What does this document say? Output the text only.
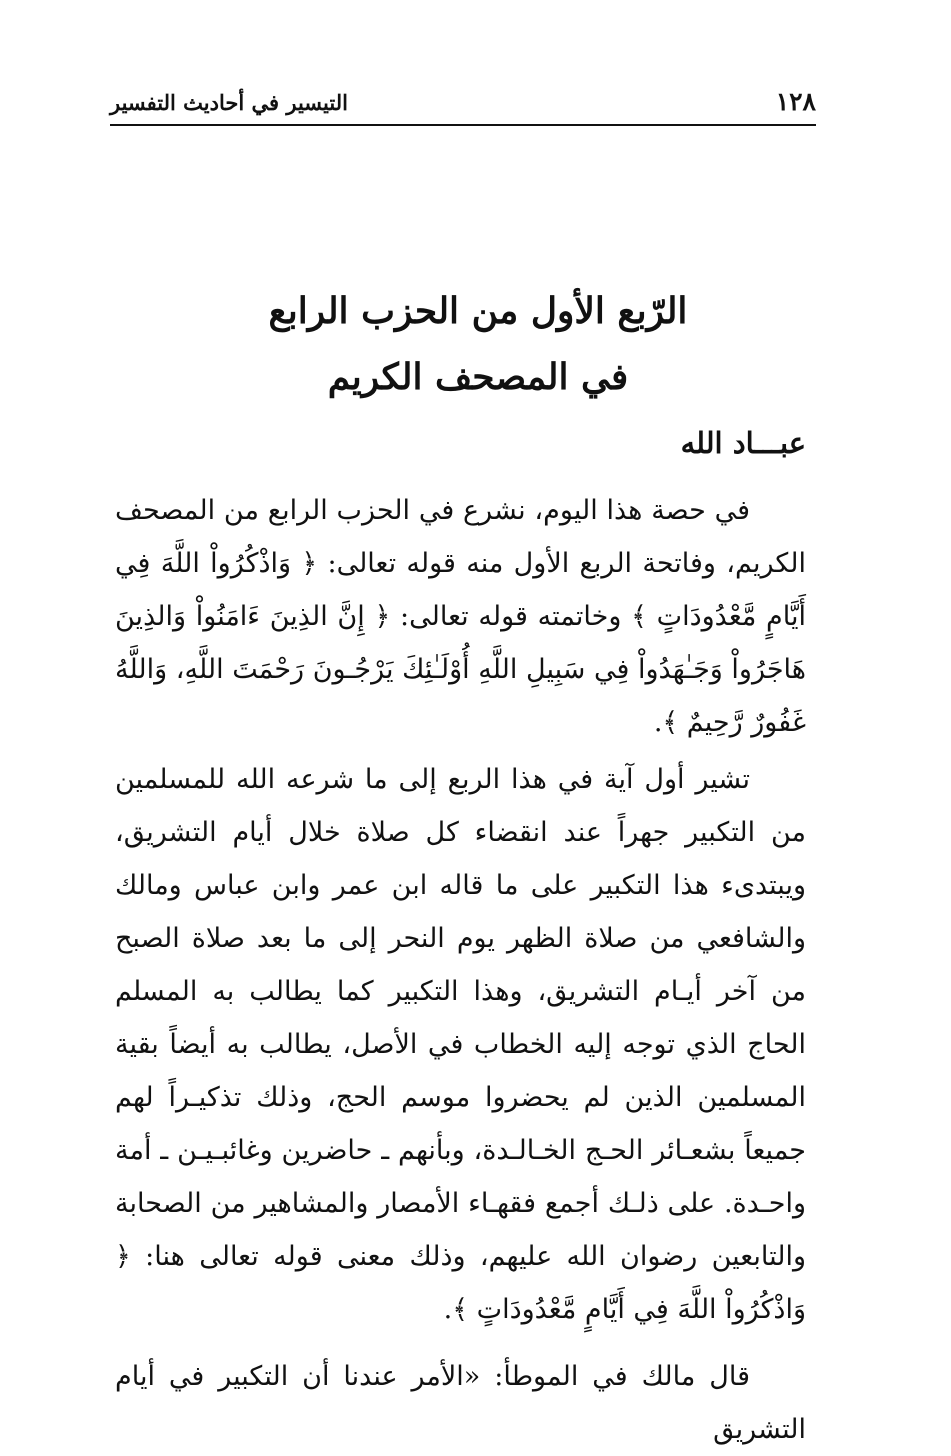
١٢٨
التيسير في أحاديث التفسير
الرّبع الأول من الحزب الرابع
في المصحف الكريم
عبـــاد الله

في حصة هذا اليوم، نشرع في الحزب الرابع من المصحف الكريم، وفاتحة الربع الأول منه قوله تعالى: ﴿ وَاذْكُرُواْ اللَّهَ فِي أَيَّامٍ مَّعْدُودَاتٍ ﴾ وخاتمته قوله تعالى: ﴿ إِنَّ الذِينَ ءَامَنُواْ وَالذِينَ هَاجَرُواْ وَجَـٰهَدُواْ فِي سَبِيلِ اللَّهِ أُوْلَـٰئِكَ يَرْجُـونَ رَحْمَتَ اللَّهِ، وَاللَّهُ غَفُورٌ رَّحِيمٌ ﴾.

تشير أول آية في هذا الربع إلى ما شرعه الله للمسلمين من التكبير جهراً عند انقضاء كل صلاة خلال أيام التشريق، ويبتدىء هذا التكبير على ما قاله ابن عمر وابن عباس ومالك والشافعي من صلاة الظهر يوم النحر إلى ما بعد صلاة الصبح من آخر أيـام التشريق، وهذا التكبير كما يطالب به المسلم الحاج الذي توجه إليه الخطاب في الأصل، يطالب به أيضاً بقية المسلمين الذين لم يحضروا موسم الحج، وذلك تذكيـراً لهم جميعاً بشعـائر الحـج الخـالـدة، وبأنهم ـ حاضرين وغائبـيـن ـ أمة واحـدة. على ذلـك أجمع فقهـاء الأمصار والمشاهير من الصحابة والتابعين رضوان الله عليهم، وذلك معنى قوله تعالى هنا: ﴿ وَاذْكُرُواْ اللَّهَ فِي أَيَّامٍ مَّعْدُودَاتٍ ﴾.

قال مالك في الموطأ: «الأمر عندنا أن التكبير في أيام التشريق
